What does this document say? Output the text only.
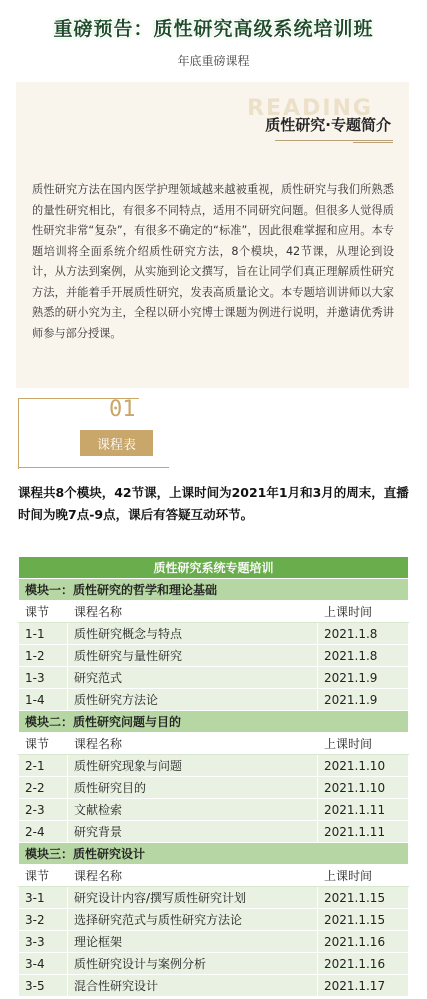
重磅预告：质性研究高级系统培训班
年底重磅课程
READING
质性研究·专题简介
质性研究方法在国内医学护理领域越来越被重视，质性研究与我们所熟悉的量性研究相比，有很多不同特点，适用不同研究问题。但很多人觉得质性研究非常“复杂”，有很多不确定的“标准”，因此很难掌握和应用。本专题培训将全面系统介绍质性研究方法，8个模块，42节课，从理论到设计，从方法到案例，从实施到论文撰写，旨在让同学们真正理解质性研究方法，并能着手开展质性研究，发表高质量论文。本专题培训讲师以大家熟悉的研小究为主，全程以研小究博士课题为例进行说明，并邀请优秀讲师参与部分授课。
01
课程表
课程共8个模块，42节课，上课时间为2021年1月和3月的周末，直播时间为晚7点-9点，课后有答疑互动环节。
质性研究系统专题培训		
模块一：质性研究的哲学和理论基础		
课节	课程名称	上课时间
1-1	质性研究概念与特点	2021.1.8
1-2	质性研究与量性研究	2021.1.8
1-3	研究范式	2021.1.9
1-4	质性研究方法论	2021.1.9
模块二：质性研究问题与目的		
课节	课程名称	上课时间
2-1	质性研究现象与问题	2021.1.10
2-2	质性研究目的	2021.1.10
2-3	文献检索	2021.1.11
2-4	研究背景	2021.1.11
模块三：质性研究设计		
课节	课程名称	上课时间
3-1	研究设计内容/撰写质性研究计划	2021.1.15
3-2	选择研究范式与质性研究方法论	2021.1.15
3-3	理论框架	2021.1.16
3-4	质性研究设计与案例分析	2021.1.16
3-5	混合性研究设计	2021.1.17
